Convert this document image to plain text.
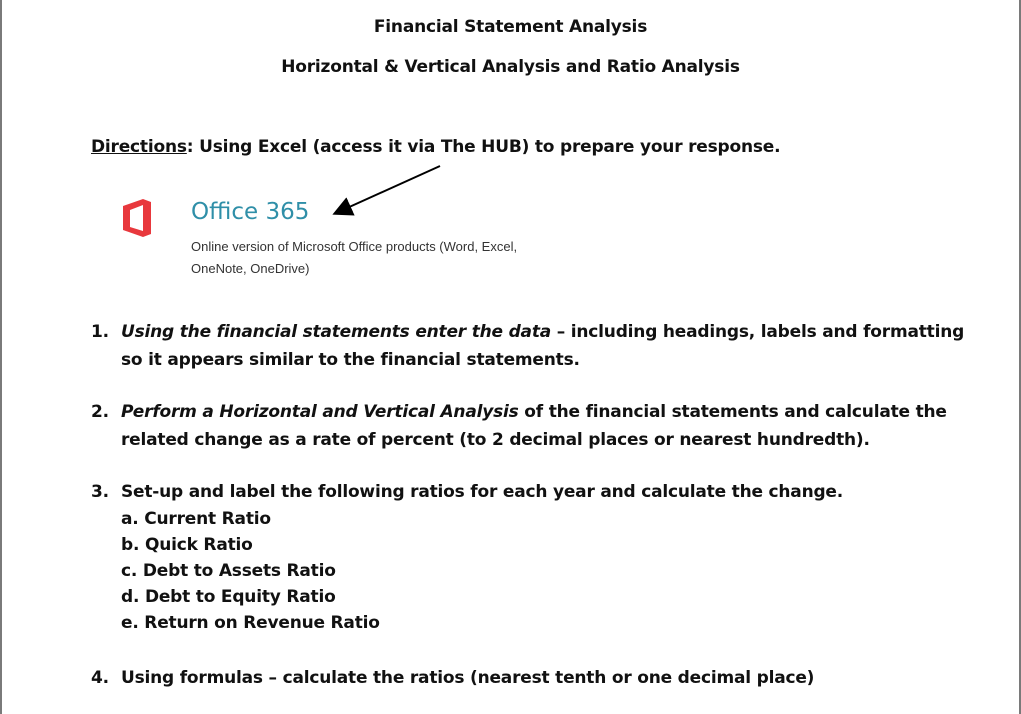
Financial Statement Analysis
Horizontal & Vertical Analysis and Ratio Analysis
Directions: Using Excel (access it via The HUB) to prepare your response.
Office 365
Online version of Microsoft Office products (Word, Excel, OneNote, OneDrive)
1. Using the financial statements enter the data – including headings, labels and formatting so it appears similar to the financial statements.
2. Perform a Horizontal and Vertical Analysis of the financial statements and calculate the related change as a rate of percent (to 2 decimal places or nearest hundredth).
3. Set-up and label the following ratios for each year and calculate the change.
a. Current Ratio
b. Quick Ratio
c. Debt to Assets Ratio
d. Debt to Equity Ratio
e. Return on Revenue Ratio
4. Using formulas – calculate the ratios (nearest tenth or one decimal place)
